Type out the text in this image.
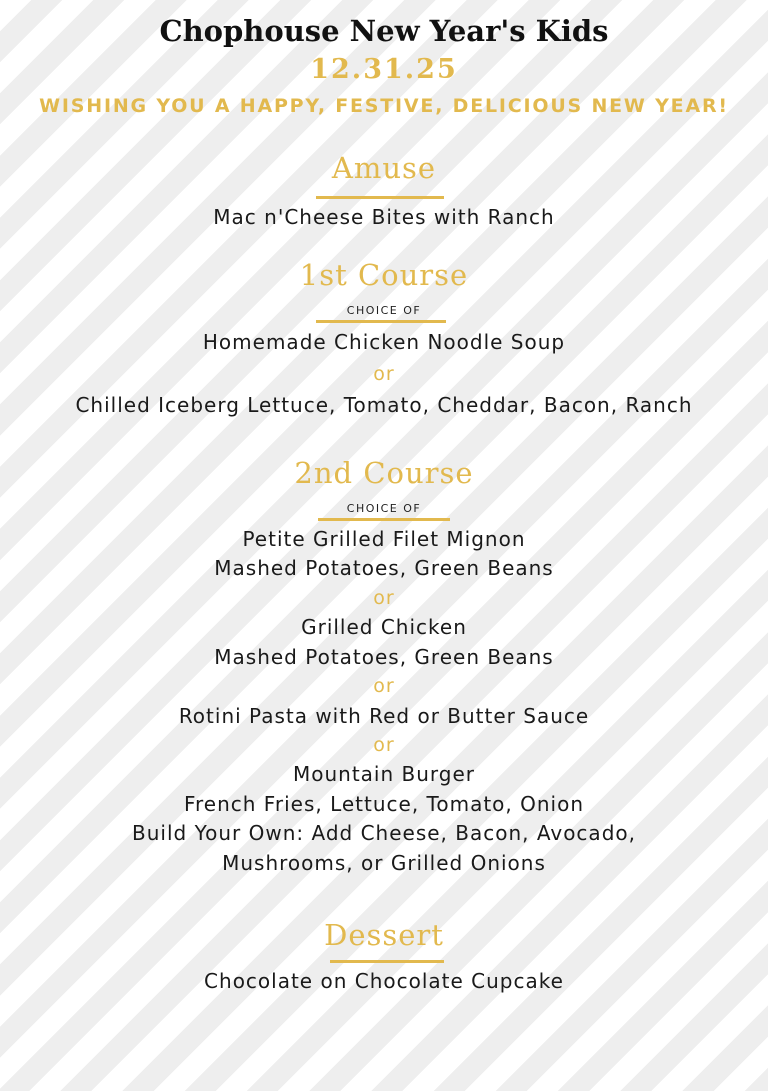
Chophouse New Year's Kids
12.31.25
WISHING YOU A HAPPY, FESTIVE, DELICIOUS NEW YEAR!
Amuse
Mac n'Cheese Bites with Ranch
1st Course
CHOICE OF
Homemade Chicken Noodle Soup
or
Chilled Iceberg Lettuce, Tomato, Cheddar, Bacon, Ranch
2nd Course
CHOICE OF
Petite Grilled Filet Mignon
Mashed Potatoes, Green Beans
or
Grilled Chicken
Mashed Potatoes, Green Beans
or
Rotini Pasta with Red or Butter Sauce
or
Mountain Burger
French Fries, Lettuce, Tomato, Onion
Build Your Own: Add Cheese, Bacon, Avocado,
Mushrooms, or Grilled Onions
Dessert
Chocolate on Chocolate Cupcake
